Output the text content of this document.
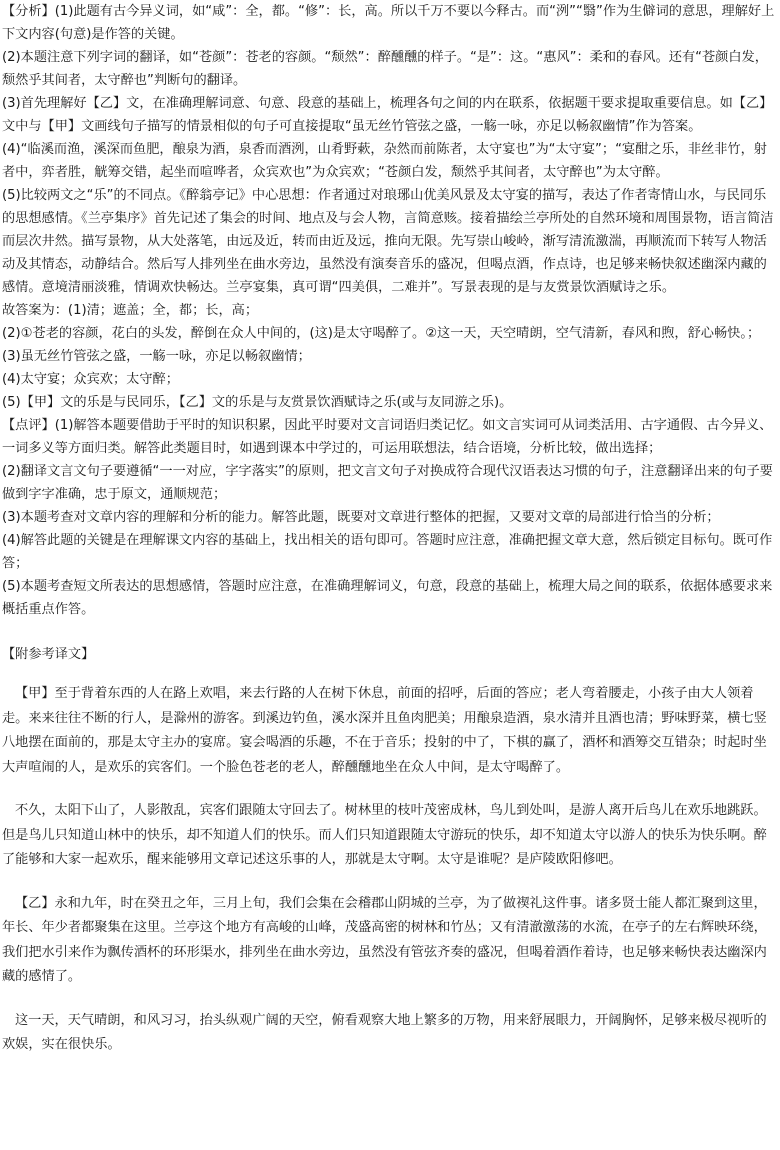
【分析】(1)此题有古今异义词，如“咸”：全，都。“修”：长，高。所以千万不要以今释古。而“洌”“翳”作为生僻词的意思，理解好上下文内容(句意)是作答的关键。

(2)本题注意下列字词的翻译，如“苍颜”：苍老的容颜。“颓然”：醉醺醺的样子。“是”：这。“惠风”：柔和的春风。还有“苍颜白发，颓然乎其间者，太守醉也”判断句的翻译。

(3)首先理解好【乙】文，在准确理解词意、句意、段意的基础上，梳理各句之间的内在联系，依据题干要求提取重要信息。如【乙】文中与【甲】文画线句子描写的情景相似的句子可直接提取“虽无丝竹管弦之盛，一觞一咏，亦足以畅叙幽情”作为答案。

(4)“临溪而渔，溪深而鱼肥，酿泉为酒，泉香而酒洌，山肴野蔌，杂然而前陈者，太守宴也”为“太守宴”；“宴酣之乐，非丝非竹，射者中，弈者胜，觥筹交错，起坐而喧哗者，众宾欢也”为众宾欢；“苍颜白发，颓然乎其间者，太守醉也”为太守醉。

(5)比较两文之“乐”的不同点。《醉翁亭记》中心思想：作者通过对琅琊山优美风景及太守宴的描写，表达了作者寄情山水，与民同乐的思想感情。《兰亭集序》首先记述了集会的时间、地点及与会人物，言简意赅。接着描绘兰亭所处的自然环境和周围景物，语言简洁而层次井然。描写景物，从大处落笔，由远及近，转而由近及远，推向无限。先写崇山峻岭，渐写清流激湍，再顺流而下转写人物活动及其情态，动静结合。然后写人排列坐在曲水旁边，虽然没有演奏音乐的盛况，但喝点酒，作点诗，也足够来畅快叙述幽深内藏的感情。意境清丽淡雅，情调欢快畅达。兰亭宴集，真可谓“四美俱，二难并”。写景表现的是与友赏景饮酒赋诗之乐。

故答案为：(1)清；遮盖；全，都；长，高；

(2)①苍老的容颜，花白的头发，醉倒在众人中间的，(这)是太守喝醉了。②这一天，天空晴朗，空气清新，春风和煦，舒心畅快。；

(3)虽无丝竹管弦之盛，一觞一咏，亦足以畅叙幽情；

(4)太守宴；众宾欢；太守醉；

(5)【甲】文的乐是与民同乐，【乙】文的乐是与友赏景饮酒赋诗之乐(或与友同游之乐)。

【点评】(1)解答本题要借助于平时的知识积累，因此平时要对文言词语归类记忆。如文言实词可从词类活用、古字通假、古今异义、一词多义等方面归类。解答此类题目时，如遇到课本中学过的，可运用联想法，结合语境，分析比较，做出选择；

(2)翻译文言文句子要遵循“一一对应，字字落实”的原则，把文言文句子对换成符合现代汉语表达习惯的句子，注意翻译出来的句子要做到字字准确，忠于原文，通顺规范；

(3)本题考查对文章内容的理解和分析的能力。解答此题，既要对文章进行整体的把握，又要对文章的局部进行恰当的分析；

(4)解答此题的关键是在理解课文内容的基础上，找出相关的语句即可。答题时应注意，准确把握文章大意，然后锁定目标句。既可作答；

(5)本题考查短文所表达的思想感情，答题时应注意，在准确理解词义，句意，段意的基础上，梳理大局之间的联系，依据体感要求来概括重点作答。

【附参考译文】

【甲】至于背着东西的人在路上欢唱，来去行路的人在树下休息，前面的招呼，后面的答应；老人弯着腰走，小孩子由大人领着走。来来往往不断的行人，是滁州的游客。到溪边钓鱼，溪水深并且鱼肉肥美；用酿泉造酒，泉水清并且酒也清；野味野菜，横七竖八地摆在面前的，那是太守主办的宴席。宴会喝酒的乐趣，不在于音乐；投射的中了，下棋的赢了，酒杯和酒筹交互错杂；时起时坐大声喧闹的人，是欢乐的宾客们。一个脸色苍老的老人，醉醺醺地坐在众人中间，是太守喝醉了。

不久，太阳下山了，人影散乱，宾客们跟随太守回去了。树林里的枝叶茂密成林，鸟儿到处叫，是游人离开后鸟儿在欢乐地跳跃。但是鸟儿只知道山林中的快乐，却不知道人们的快乐。而人们只知道跟随太守游玩的快乐，却不知道太守以游人的快乐为快乐啊。醉了能够和大家一起欢乐，醒来能够用文章记述这乐事的人，那就是太守啊。太守是谁呢？是庐陵欧阳修吧。

【乙】永和九年，时在癸丑之年，三月上旬，我们会集在会稽郡山阴城的兰亭，为了做禊礼这件事。诸多贤士能人都汇聚到这里，年长、年少者都聚集在这里。兰亭这个地方有高峻的山峰，茂盛高密的树林和竹丛；又有清澈激荡的水流，在亭子的左右辉映环绕，我们把水引来作为飘传酒杯的环形渠水，排列坐在曲水旁边，虽然没有管弦齐奏的盛况，但喝着酒作着诗，也足够来畅快表达幽深内藏的感情了。

这一天，天气晴朗，和风习习，抬头纵观广阔的天空，俯看观察大地上繁多的万物，用来舒展眼力，开阔胸怀，足够来极尽视听的欢娱，实在很快乐。
